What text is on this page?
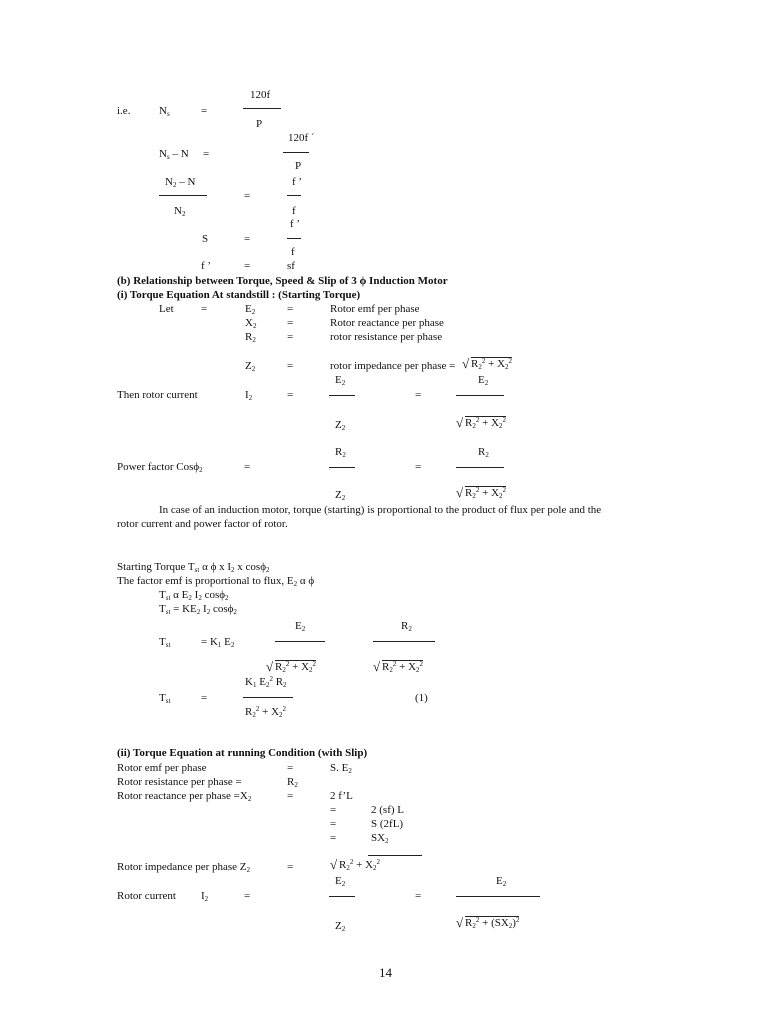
i.e.	$N_s$	=
120f
P
120f ´
$N_s$ – N =
P
$N_2$ – N	f ’
=
$N_2$	f
f ’
S	=
f
f ’	=	sf
(b) Relationship between Torque, Speed & Slip of 3 ϕ Induction Motor
(i) Torque Equation At standstill : (Starting Torque)
Let =	$E_2$	=	Rotor emf per phase
$X_2$	=	Rotor reactance per phase
$R_2$	=	rotor resistance per phase
$Z_2$	=	rotor impedance per phase = √ $R_2^2 + X_2^2$
$E_2$	$E_2$
Then rotor current	$I_2$	=	=
$Z_2$	√ $R_2^2 + X_2^2$
$R_2$	$R_2$
Power factor Cosϕ$_2$	=	=
$Z_2$	√ $R_2^2 + X_2^2$
In case of an induction motor, torque (starting) is proportional to the product of flux per pole and the
rotor current and power factor of rotor.
Starting Torque $T_{st}$ α ϕ x $I_2$ x cosϕ$_2$
The factor emf is proportional to flux, $E_2$ α ϕ
$T_{st}$ α $E_2$ $I_2$ cosϕ$_2$
$T_{st} = KE_2$ $I_2$ cosϕ$_2$
$E_2$	$R_2$
$T_{st}$	= $K_1$ $E_2$
√ $R_2^2 + X_2^2$	√ $R_2^2 + X_2^2$
$K_1$ $E_2^2$ $R_2$
$T_{st}$	=	(1)
$R_2^2 + X_2^2$
(ii) Torque Equation at running Condition (with Slip)
Rotor emf per phase	=	S. $E_2$
Rotor resistance per phase =	$R_2$
Rotor reactance per phase $=X_2$	=	2 f’L
=	2 (sf) L
=	S (2fL)
=	$SX_2$
Rotor impedance per phase $Z_2$	=	√ $R_2^2 + X_2^2$
$E_2$	$E_2$
Rotor current $I_2$	=	=
$Z_2$	√ $R_2^2 + (SX_2)^2$
14
